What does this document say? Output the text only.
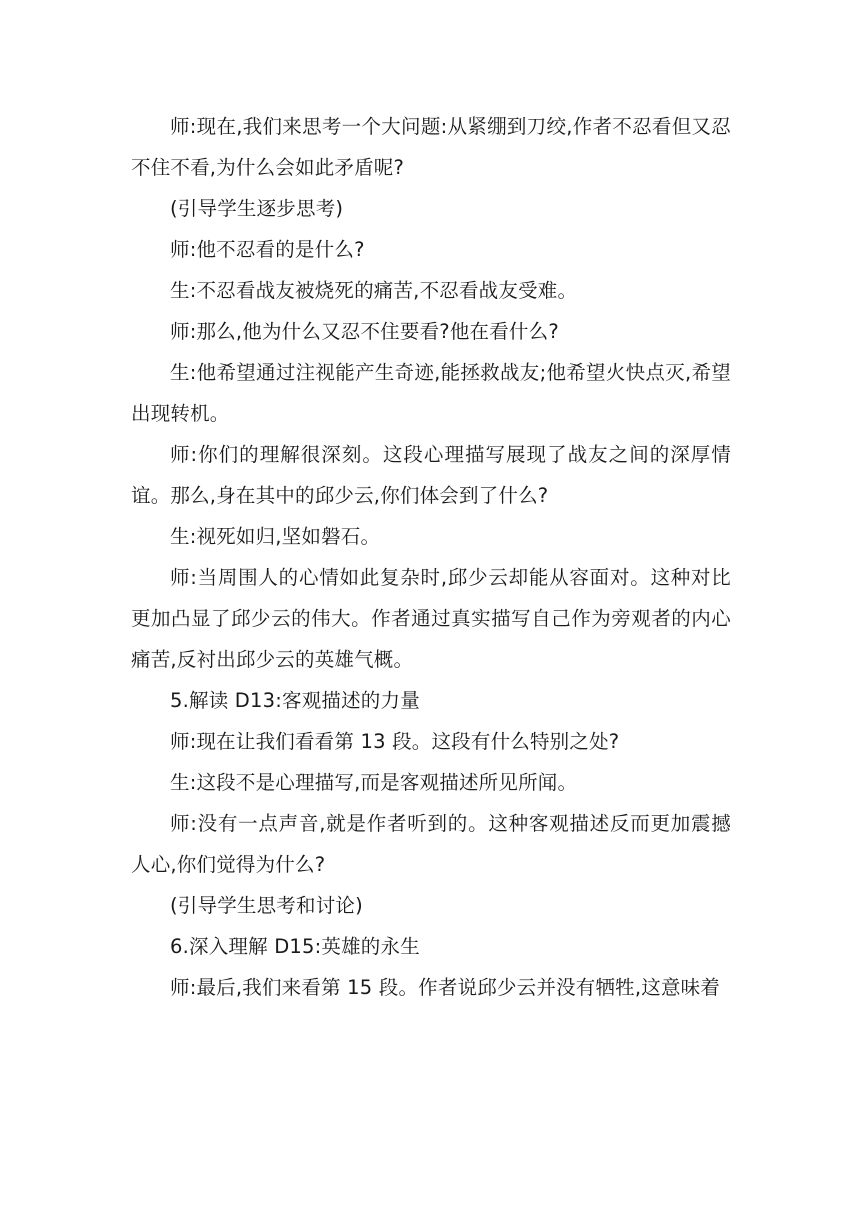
师:现在,我们来思考一个大问题:从紧绷到刀绞,作者不忍看但又忍不住不看,为什么会如此矛盾呢?

(引导学生逐步思考)

师:他不忍看的是什么?

生:不忍看战友被烧死的痛苦,不忍看战友受难。

师:那么,他为什么又忍不住要看?他在看什么?

生:他希望通过注视能产生奇迹,能拯救战友;他希望火快点灭,希望出现转机。

师:你们的理解很深刻。这段心理描写展现了战友之间的深厚情谊。那么,身在其中的邱少云,你们体会到了什么?

生:视死如归,坚如磐石。

师:当周围人的心情如此复杂时,邱少云却能从容面对。这种对比更加凸显了邱少云的伟大。作者通过真实描写自己作为旁观者的内心痛苦,反衬出邱少云的英雄气概。

5.解读 D13:客观描述的力量

师:现在让我们看看第 13 段。这段有什么特别之处?

生:这段不是心理描写,而是客观描述所见所闻。

师:没有一点声音,就是作者听到的。这种客观描述反而更加震撼人心,你们觉得为什么?

(引导学生思考和讨论)

6.深入理解 D15:英雄的永生

师:最后,我们来看第 15 段。作者说邱少云并没有牺牲,这意味着
